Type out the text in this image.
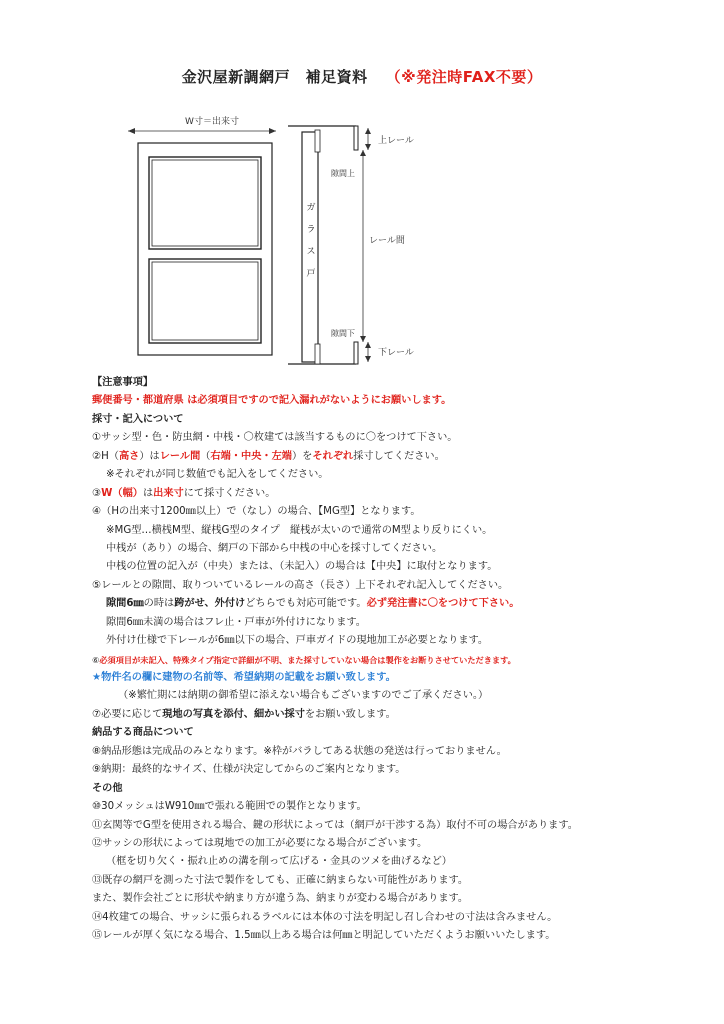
金沢屋新調網戸　補足資料 （※発注時FAX不要）
W寸＝出来寸
ガ
ラ
ス
戸
上レール
隙間上
レール間
隙間下
下レール
【注意事項】
郵便番号・都道府県 は必須項目ですので記入漏れがないようにお願いします。
採寸・記入について
①サッシ型・色・防虫網・中桟・〇枚建ては該当するものに〇をつけて下さい。
②H（高さ）はレール間（右端・中央・左端）をそれぞれ採寸してください。
※それぞれが同じ数値でも記入をしてください。
③W（幅）は出来寸にて採寸ください。
④（Hの出来寸1200㎜以上）で（なし）の場合、【MG型】となります。
※MG型…横桟M型、縦桟G型のタイプ　縦桟が太いので通常のM型より反りにくい。
中桟が（あり）の場合、網戸の下部から中桟の中心を採寸してください。
中桟の位置の記入が（中央）または、（未記入）の場合は【中央】に取付となります。
⑤レールとの隙間、取りついているレールの高さ（長さ）上下それぞれ記入してください。
隙間6㎜の時は跨がせ、外付けどちらでも対応可能です。必ず発注書に〇をつけて下さい。
隙間6㎜未満の場合はフレ止・戸車が外付けになります。
外付け仕様で下レールが6㎜以下の場合、戸車ガイドの現地加工が必要となります。
⑥必須項目が未記入、特殊タイプ指定で詳細が不明、また採寸していない場合は製作をお断りさせていただきます。
★物件名の欄に建物の名前等、希望納期の記載をお願い致します。
（※繁忙期には納期の御希望に添えない場合もございますのでご了承ください。）
⑦必要に応じて現地の写真を添付、細かい採寸をお願い致します。
納品する商品について
⑧納品形態は完成品のみとなります。※枠がバラしてある状態の発送は行っておりません。
⑨納期：最終的なサイズ、仕様が決定してからのご案内となります。
その他
⑩30メッシュはW910㎜で張れる範囲での製作となります。
⑪玄関等でG型を使用される場合、鍵の形状によっては（網戸が干渉する為）取付不可の場合があります。
⑫サッシの形状によっては現地での加工が必要になる場合がございます。
（框を切り欠く・振れ止めの溝を削って広げる・金具のツメを曲げるなど）
⑬既存の網戸を測った寸法で製作をしても、正確に納まらない可能性があります。
また、製作会社ごとに形状や納まり方が違う為、納まりが変わる場合があります。
⑭4枚建ての場合、サッシに張られるラベルには本体の寸法を明記し召し合わせの寸法は含みません。
⑮レールが厚く気になる場合、1.5㎜以上ある場合は何㎜と明記していただくようお願いいたします。
